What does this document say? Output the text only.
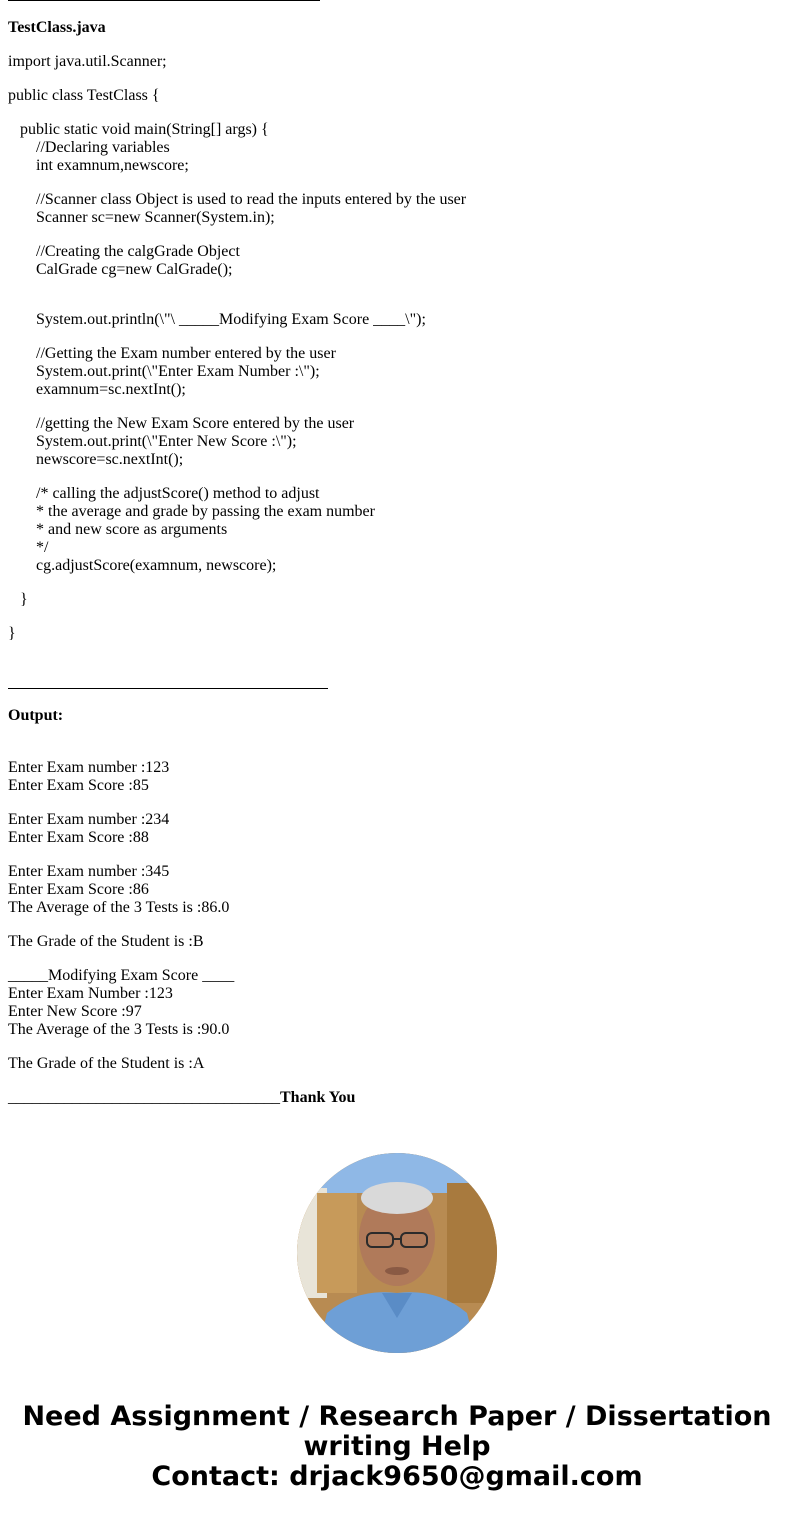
TestClass.java
import java.util.Scanner;
public class TestClass {
public static void main(String[] args) {
//Declaring variables
int examnum,newscore;
//Scanner class Object is used to read the inputs entered by the user
Scanner sc=new Scanner(System.in);
//Creating the calgGrade Object
CalGrade cg=new CalGrade();
System.out.println(\"\ _____Modifying Exam Score ____\");
//Getting the Exam number entered by the user
System.out.print(\"Enter Exam Number :\");
examnum=sc.nextInt();
//getting the New Exam Score entered by the user
System.out.print(\"Enter New Score :\");
newscore=sc.nextInt();
/* calling the adjustScore() method to adjust
* the average and grade by passing the exam number
* and new score as arguments
*/
cg.adjustScore(examnum, newscore);
}
}
Output:
Enter Exam number :123
Enter Exam Score :85
Enter Exam number :234
Enter Exam Score :88
Enter Exam number :345
Enter Exam Score :86
The Average of the 3 Tests is :86.0
The Grade of the Student is :B
_____Modifying Exam Score ____
Enter Exam Number :123
Enter New Score :97
The Average of the 3 Tests is :90.0
The Grade of the Student is :A
__________________________________Thank You
Need Assignment / Research Paper / Dissertation
writing Help
Contact: drjack9650@gmail.com
